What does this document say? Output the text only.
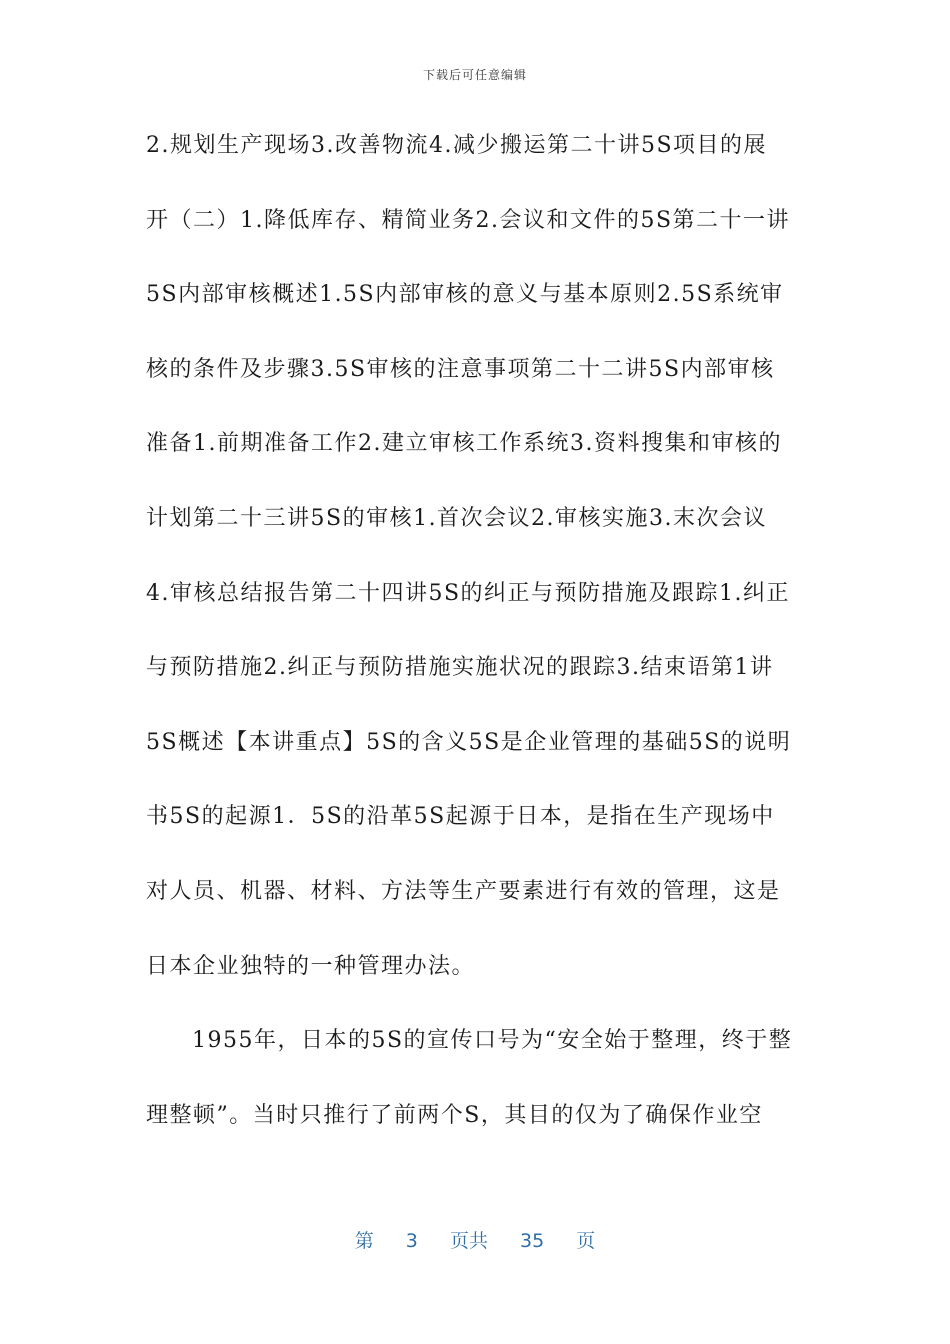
下载后可任意编辑
2.规划生产现场3.改善物流4.减少搬运第二十讲5S项目的展
开（二）1.降低库存、精简业务2.会议和文件的5S第二十一讲
5S内部审核概述1.5S内部审核的意义与基本原则2.5S系统审
核的条件及步骤3.5S审核的注意事项第二十二讲5S内部审核
准备1.前期准备工作2.建立审核工作系统3.资料搜集和审核的
计划第二十三讲5S的审核1.首次会议2.审核实施3.末次会议
4.审核总结报告第二十四讲5S的纠正与预防措施及跟踪1.纠正
与预防措施2.纠正与预防措施实施状况的跟踪3.结束语第1讲
5S概述【本讲重点】5S的含义5S是企业管理的基础5S的说明
书5S的起源1．5S的沿革5S起源于日本，是指在生产现场中
对人员、机器、材料、方法等生产要素进行有效的管理，这是
日本企业独特的一种管理办法。
1955年，日本的5S的宣传口号为“安全始于整理，终于整
理整顿”。当时只推行了前两个S，其目的仅为了确保作业空
第 3 页共 35 页
